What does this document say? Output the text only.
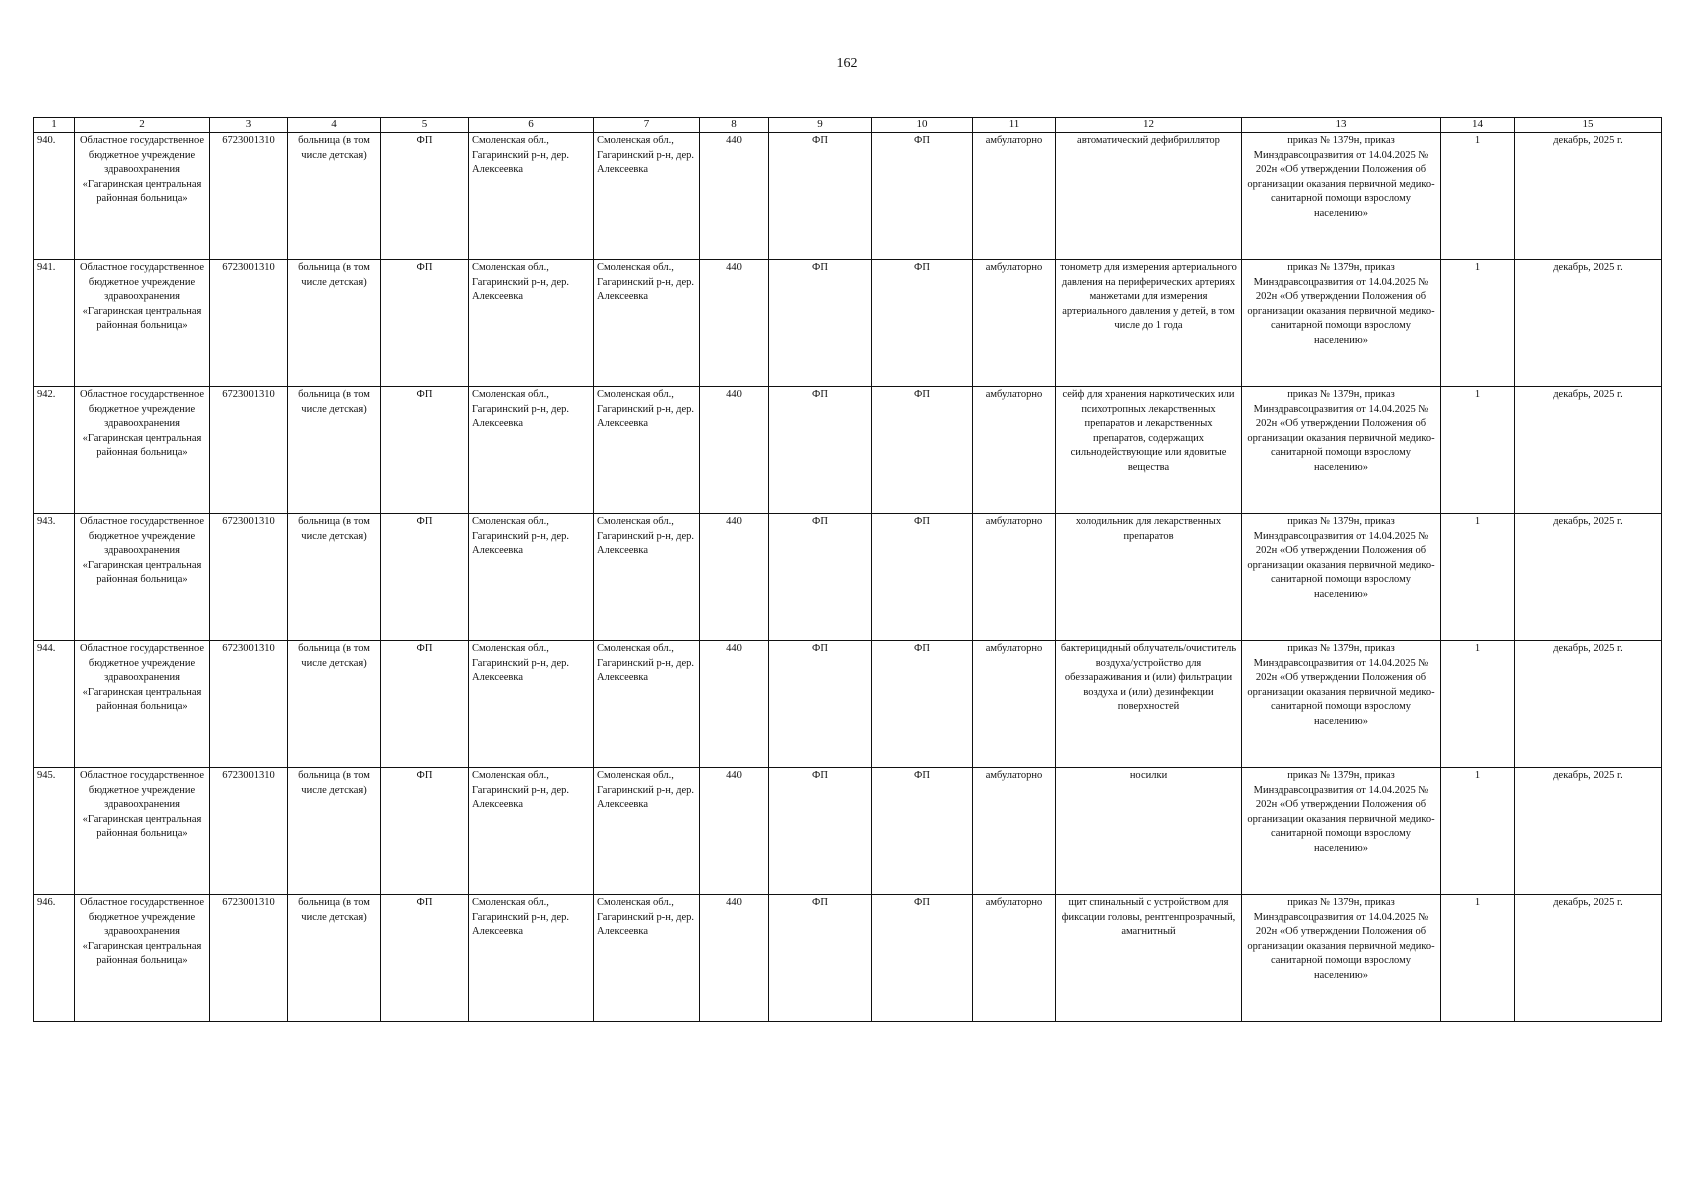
162
1	2	3	4	5	6	7	8	9	10	11	12	13	14	15
940.	Областное государственное бюджетное учреждение здравоохранения «Гагаринская центральная районная больница»	6723001310	больница (в том числе детская)	ФП	Смоленская обл., Гагаринский р-н, дер. Алексеевка	Смоленская обл., Гагаринский р-н, дер. Алексеевка	440	ФП	ФП	амбулаторно	автоматический дефибриллятор	приказ № 1379н, приказ Минздравсоцразвития от 14.04.2025 № 202н «Об утверждении Положения об организации оказания первичной медико-санитарной помощи взрослому населению»	1	декабрь, 2025 г.
941.	Областное государственное бюджетное учреждение здравоохранения «Гагаринская центральная районная больница»	6723001310	больница (в том числе детская)	ФП	Смоленская обл., Гагаринский р-н, дер. Алексеевка	Смоленская обл., Гагаринский р-н, дер. Алексеевка	440	ФП	ФП	амбулаторно	тонометр для измерения артериального давления на периферических артериях манжетами для измерения артериального давления у детей, в том числе до 1 года	приказ № 1379н, приказ Минздравсоцразвития от 14.04.2025 № 202н «Об утверждении Положения об организации оказания первичной медико-санитарной помощи взрослому населению»	1	декабрь, 2025 г.
942.	Областное государственное бюджетное учреждение здравоохранения «Гагаринская центральная районная больница»	6723001310	больница (в том числе детская)	ФП	Смоленская обл., Гагаринский р-н, дер. Алексеевка	Смоленская обл., Гагаринский р-н, дер. Алексеевка	440	ФП	ФП	амбулаторно	сейф для хранения наркотических или психотропных лекарственных препаратов и лекарственных препаратов, содержащих сильнодействующие или ядовитые вещества	приказ № 1379н, приказ Минздравсоцразвития от 14.04.2025 № 202н «Об утверждении Положения об организации оказания первичной медико-санитарной помощи взрослому населению»	1	декабрь, 2025 г.
943.	Областное государственное бюджетное учреждение здравоохранения «Гагаринская центральная районная больница»	6723001310	больница (в том числе детская)	ФП	Смоленская обл., Гагаринский р-н, дер. Алексеевка	Смоленская обл., Гагаринский р-н, дер. Алексеевка	440	ФП	ФП	амбулаторно	холодильник для лекарственных препаратов	приказ № 1379н, приказ Минздравсоцразвития от 14.04.2025 № 202н «Об утверждении Положения об организации оказания первичной медико-санитарной помощи взрослому населению»	1	декабрь, 2025 г.
944.	Областное государственное бюджетное учреждение здравоохранения «Гагаринская центральная районная больница»	6723001310	больница (в том числе детская)	ФП	Смоленская обл., Гагаринский р-н, дер. Алексеевка	Смоленская обл., Гагаринский р-н, дер. Алексеевка	440	ФП	ФП	амбулаторно	бактерицидный облучатель/очиститель воздуха/устройство для обеззараживания и (или) фильтрации воздуха и (или) дезинфекции поверхностей	приказ № 1379н, приказ Минздравсоцразвития от 14.04.2025 № 202н «Об утверждении Положения об организации оказания первичной медико-санитарной помощи взрослому населению»	1	декабрь, 2025 г.
945.	Областное государственное бюджетное учреждение здравоохранения «Гагаринская центральная районная больница»	6723001310	больница (в том числе детская)	ФП	Смоленская обл., Гагаринский р-н, дер. Алексеевка	Смоленская обл., Гагаринский р-н, дер. Алексеевка	440	ФП	ФП	амбулаторно	носилки	приказ № 1379н, приказ Минздравсоцразвития от 14.04.2025 № 202н «Об утверждении Положения об организации оказания первичной медико-санитарной помощи взрослому населению»	1	декабрь, 2025 г.
946.	Областное государственное бюджетное учреждение здравоохранения «Гагаринская центральная районная больница»	6723001310	больница (в том числе детская)	ФП	Смоленская обл., Гагаринский р-н, дер. Алексеевка	Смоленская обл., Гагаринский р-н, дер. Алексеевка	440	ФП	ФП	амбулаторно	щит спинальный с устройством для фиксации головы, рентгенпрозрачный, амагнитный	приказ № 1379н, приказ Минздравсоцразвития от 14.04.2025 № 202н «Об утверждении Положения об организации оказания первичной медико-санитарной помощи взрослому населению»	1	декабрь, 2025 г.
